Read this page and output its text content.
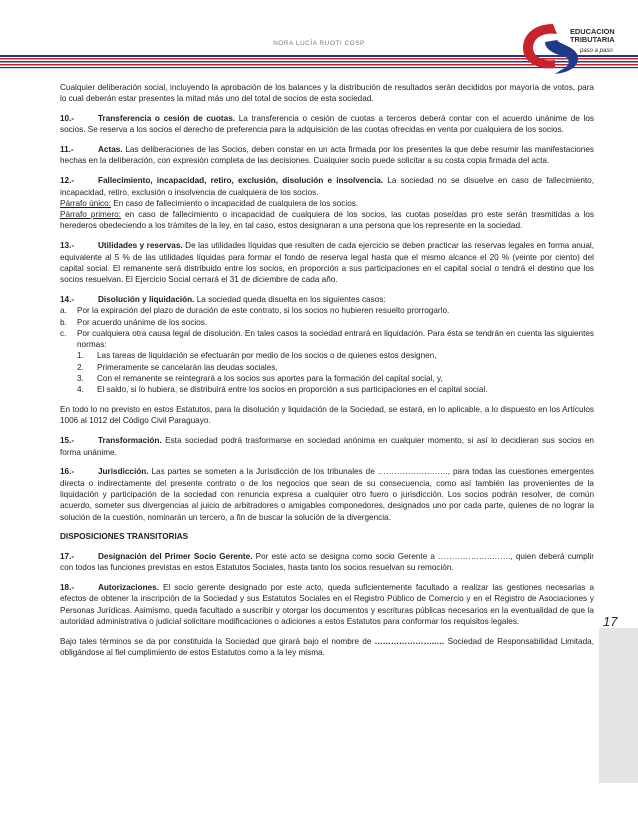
NORA LUCÍA RUOTI COSP
EDUCACION
TRIBUTARIA
paso a paso
17

Cualquier deliberación social, incluyendo la aprobación de los balances y la distribución de resultados serán decididos por mayoría de votos, para lo cual deberán estar presentes la mitad más uno del total de socios de esta sociedad.

10.-	Transferencia o cesión de cuotas. La transferencia o cesión de cuotas a terceros deberá contar con el acuerdo unánime de los socios. Se reserva a los socios el derecho de preferencia para la adquisición de las cuotas ofrecidas en venta por cualquiera de los socios.

11.-	Actas. Las deliberaciones de las Socios, deben constar en un acta firmada por los presentes la que debe resumir las manifestaciones hechas en la deliberación, con expresión completa de las decisiones. Cualquier socio puede solicitar a su costa copia firmada del acta.

12.-	Fallecimiento, incapacidad, retiro, exclusión, disolución e insolvencia. La sociedad no se disuelve en caso de fallecimiento, incapacidad, retiro, exclusión o insolvencia de cualquiera de los socios.

Párrafo único: En caso de fallecimiento o incapacidad de cualquiera de los socios.

Párrafo primero: en caso de fallecimiento o incapacidad de cualquiera de los socios, las cuotas poseídas pro este serán trasmitidas a los herederos obedeciendo a los trámites de la ley, en tal caso, estos designaran a una persona que los represente en la sociedad.

13.-	Utilidades y reservas. De las utilidades líquidas que resulten de cada ejercicio se deben practicar las reservas legales en forma anual, equivalente al 5 % de las utilidades líquidas para formar el fondo de reserva legal hasta que el mismo alcance el 20 % (veinte por ciento) del capital social. El remanente será distribuido entre los socios, en proporción a sus participaciones en el capital social o tendrá el destino que los socios resuelvan. El Ejercicio Social cerrará el 31 de diciembre de cada año.

14.-	Disolución y liquidación. La sociedad queda disuelta en los siguientes casos:

a. Por la expiración del plazo de duración de este contrato, si los socios no hubieren resuelto prorrogarlo.
b. Por acuerdo unánime de los socios.
c. Por cualquiera otra causa legal de disolución. En tales casos la sociedad entrará en liquidación. Para ésta se tendrán en cuenta las siguientes normas:
1. Las tareas de liquidación se efectuarán por medio de los socios o de quienes estos designen,
2. Primeramente se cancelarán las deudas sociales,
3. Con el remanente se reintegrará a los socios sus aportes para la formación del capital social, y,
4. El saldo, si lo hubiera, se distribuirá entre los socios en proporción a sus participaciones en el capital social.

En todo lo no previsto en estos Estatutos, para la disolución y liquidación de la Sociedad, se estará, en lo aplicable, a lo dispuesto en los Artículos 1006 al 1012 del Código Civil Paraguayo.

15.-	Transformación. Esta sociedad podrá trasformarse en sociedad anónima en cualquier momento, si así lo decidieran sus socios en forma unánime.

16.-	Jurisdicción. Las partes se someten a la Jurisdicción de los tribunales de ………………….…., para todas las cuestiones emergentes directa o indirectamente del presente contrato o de los negocios que sean de su consecuencia, como así también las provenientes de la liquidación y participación de la sociedad con renuncia expresa a cualquier otro fuero o jurisdicción. Los socios podrán resolver, de común acuerdo, someter sus divergencias al juicio de arbitradores o amigables componedores, designados uno por cada parte, quienes de no lograr la solución de la cuestión, nominarán un tercero, a fin de buscar la solución de la divergencia.

DISPOSICIONES TRANSITORIAS

17.-	Designación del Primer Socio Gerente. Por este acto se designa como socio Gerente a ………………..……., quien deberá cumplir con todos las funciones previstas en estos Estatutos Sociales, hasta tanto los socios resuelvan su remoción.

18.-	Autorizaciones. El socio gerente designado por este acto, queda suficientemente facultado a realizar las gestiones necesarias a efectos de obtener la inscripción de la Sociedad y sus Estatutos Sociales en el Registro Público de Comercio y en el Registro de Asociaciones y Personas Jurídicas. Asimismo, queda facultado a suscribir y otorgar los documentos y escrituras públicas necesarios en la eventualidad de que la autoridad administrativa o judicial solicitare modificaciones o adiciones a estos Estatutos para conformar los requisitos legales.

Bajo tales términos se da por constituida la Sociedad que girará bajo el nombre de …………………..… Sociedad de Responsabilidad Limitada, obligándose al fiel cumplimiento de estos Estatutos como a la ley misma.
